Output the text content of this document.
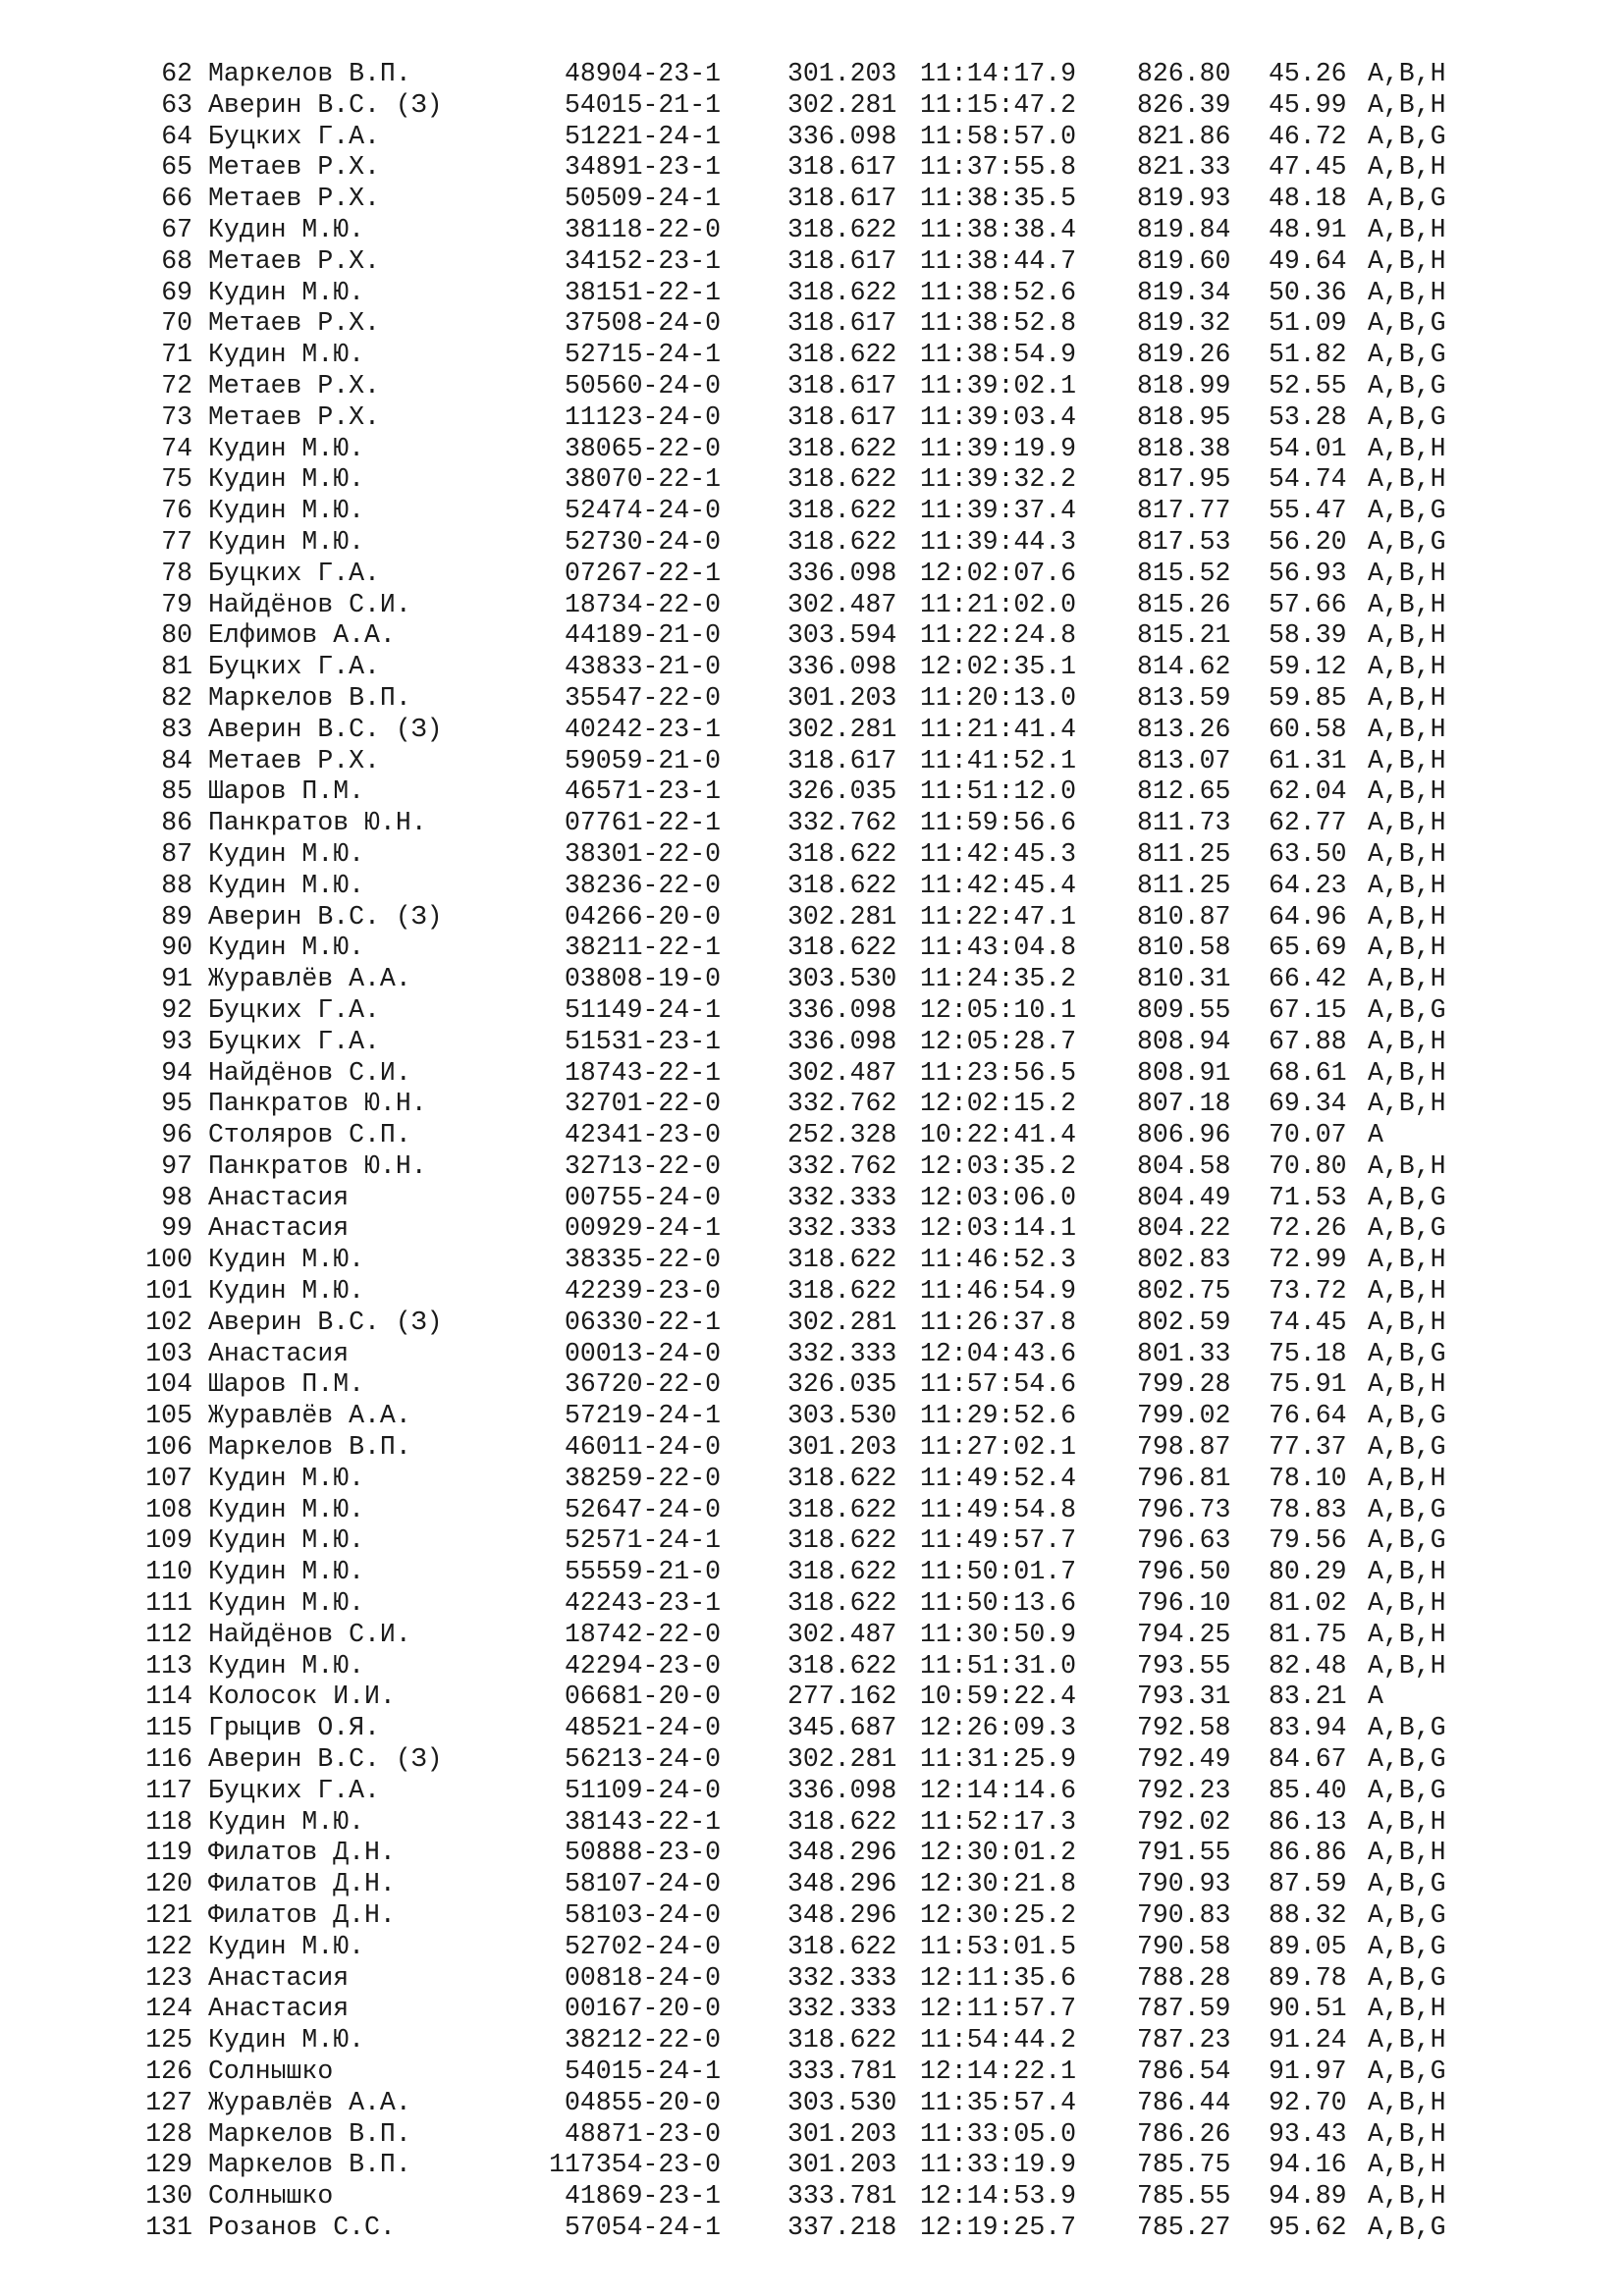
62 Маркелов В.П.	48904-23-1	301.203 11:14:17.9 826.80 45.26 A,B,H
63 Аверин В.С. (З)	54015-21-1	302.281 11:15:47.2 826.39 45.99 A,B,H
64 Буцких Г.А.	51221-24-1	336.098 11:58:57.0 821.86 46.72 A,B,G
65 Метаев Р.Х.	34891-23-1	318.617 11:37:55.8 821.33 47.45 A,B,H
66 Метаев Р.Х.	50509-24-1	318.617 11:38:35.5 819.93 48.18 A,B,G
67 Кудин М.Ю.	38118-22-0	318.622 11:38:38.4 819.84 48.91 A,B,H
68 Метаев Р.Х.	34152-23-1	318.617 11:38:44.7 819.60 49.64 A,B,H
69 Кудин М.Ю.	38151-22-1	318.622 11:38:52.6 819.34 50.36 A,B,H
70 Метаев Р.Х.	37508-24-0	318.617 11:38:52.8 819.32 51.09 A,B,G
71 Кудин М.Ю.	52715-24-1	318.622 11:38:54.9 819.26 51.82 A,B,G
72 Метаев Р.Х.	50560-24-0	318.617 11:39:02.1 818.99 52.55 A,B,G
73 Метаев Р.Х.	11123-24-0	318.617 11:39:03.4 818.95 53.28 A,B,G
74 Кудин М.Ю.	38065-22-0	318.622 11:39:19.9 818.38 54.01 A,B,H
75 Кудин М.Ю.	38070-22-1	318.622 11:39:32.2 817.95 54.74 A,B,H
76 Кудин М.Ю.	52474-24-0	318.622 11:39:37.4 817.77 55.47 A,B,G
77 Кудин М.Ю.	52730-24-0	318.622 11:39:44.3 817.53 56.20 A,B,G
78 Буцких Г.А.	07267-22-1	336.098 12:02:07.6 815.52 56.93 A,B,H
79 Найдёнов С.И.	18734-22-0	302.487 11:21:02.0 815.26 57.66 A,B,H
80 Елфимов А.А.	44189-21-0	303.594 11:22:24.8 815.21 58.39 A,B,H
81 Буцких Г.А.	43833-21-0	336.098 12:02:35.1 814.62 59.12 A,B,H
82 Маркелов В.П.	35547-22-0	301.203 11:20:13.0 813.59 59.85 A,B,H
83 Аверин В.С. (З)	40242-23-1	302.281 11:21:41.4 813.26 60.58 A,B,H
84 Метаев Р.Х.	59059-21-0	318.617 11:41:52.1 813.07 61.31 A,B,H
85 Шаров П.М.	46571-23-1	326.035 11:51:12.0 812.65 62.04 A,B,H
86 Панкратов Ю.Н.	07761-22-1	332.762 11:59:56.6 811.73 62.77 A,B,H
87 Кудин М.Ю.	38301-22-0	318.622 11:42:45.3 811.25 63.50 A,B,H
88 Кудин М.Ю.	38236-22-0	318.622 11:42:45.4 811.25 64.23 A,B,H
89 Аверин В.С. (З)	04266-20-0	302.281 11:22:47.1 810.87 64.96 A,B,H
90 Кудин М.Ю.	38211-22-1	318.622 11:43:04.8 810.58 65.69 A,B,H
91 Журавлёв А.А.	03808-19-0	303.530 11:24:35.2 810.31 66.42 A,B,H
92 Буцких Г.А.	51149-24-1	336.098 12:05:10.1 809.55 67.15 A,B,G
93 Буцких Г.А.	51531-23-1	336.098 12:05:28.7 808.94 67.88 A,B,H
94 Найдёнов С.И.	18743-22-1	302.487 11:23:56.5 808.91 68.61 A,B,H
95 Панкратов Ю.Н.	32701-22-0	332.762 12:02:15.2 807.18 69.34 A,B,H
96 Столяров С.П.	42341-23-0	252.328 10:22:41.4 806.96 70.07 A
97 Панкратов Ю.Н.	32713-22-0	332.762 12:03:35.2 804.58 70.80 A,B,H
98 Анастасия	00755-24-0	332.333 12:03:06.0 804.49 71.53 A,B,G
99 Анастасия	00929-24-1	332.333 12:03:14.1 804.22 72.26 A,B,G
100 Кудин М.Ю.	38335-22-0	318.622 11:46:52.3 802.83 72.99 A,B,H
101 Кудин М.Ю.	42239-23-0	318.622 11:46:54.9 802.75 73.72 A,B,H
102 Аверин В.С. (З)	06330-22-1	302.281 11:26:37.8 802.59 74.45 A,B,H
103 Анастасия	00013-24-0	332.333 12:04:43.6 801.33 75.18 A,B,G
104 Шаров П.М.	36720-22-0	326.035 11:57:54.6 799.28 75.91 A,B,H
105 Журавлёв А.А.	57219-24-1	303.530 11:29:52.6 799.02 76.64 A,B,G
106 Маркелов В.П.	46011-24-0	301.203 11:27:02.1 798.87 77.37 A,B,G
107 Кудин М.Ю.	38259-22-0	318.622 11:49:52.4 796.81 78.10 A,B,H
108 Кудин М.Ю.	52647-24-0	318.622 11:49:54.8 796.73 78.83 A,B,G
109 Кудин М.Ю.	52571-24-1	318.622 11:49:57.7 796.63 79.56 A,B,G
110 Кудин М.Ю.	55559-21-0	318.622 11:50:01.7 796.50 80.29 A,B,H
111 Кудин М.Ю.	42243-23-1	318.622 11:50:13.6 796.10 81.02 A,B,H
112 Найдёнов С.И.	18742-22-0	302.487 11:30:50.9 794.25 81.75 A,B,H
113 Кудин М.Ю.	42294-23-0	318.622 11:51:31.0 793.55 82.48 A,B,H
114 Колосок И.И.	06681-20-0	277.162 10:59:22.4 793.31 83.21 A
115 Грыцив О.Я.	48521-24-0	345.687 12:26:09.3 792.58 83.94 A,B,G
116 Аверин В.С. (З)	56213-24-0	302.281 11:31:25.9 792.49 84.67 A,B,G
117 Буцких Г.А.	51109-24-0	336.098 12:14:14.6 792.23 85.40 A,B,G
118 Кудин М.Ю.	38143-22-1	318.622 11:52:17.3 792.02 86.13 A,B,H
119 Филатов Д.Н.	50888-23-0	348.296 12:30:01.2 791.55 86.86 A,B,H
120 Филатов Д.Н.	58107-24-0	348.296 12:30:21.8 790.93 87.59 A,B,G
121 Филатов Д.Н.	58103-24-0	348.296 12:30:25.2 790.83 88.32 A,B,G
122 Кудин М.Ю.	52702-24-0	318.622 11:53:01.5 790.58 89.05 A,B,G
123 Анастасия	00818-24-0	332.333 12:11:35.6 788.28 89.78 A,B,G
124 Анастасия	00167-20-0	332.333 12:11:57.7 787.59 90.51 A,B,H
125 Кудин М.Ю.	38212-22-0	318.622 11:54:44.2 787.23 91.24 A,B,H
126 Солнышко	54015-24-1	333.781 12:14:22.1 786.54 91.97 A,B,G
127 Журавлёв А.А.	04855-20-0	303.530 11:35:57.4 786.44 92.70 A,B,H
128 Маркелов В.П.	48871-23-0	301.203 11:33:05.0 786.26 93.43 A,B,H
129 Маркелов В.П.	117354-23-0	301.203 11:33:19.9 785.75 94.16 A,B,H
130 Солнышко	41869-23-1	333.781 12:14:53.9 785.55 94.89 A,B,H
131 Розанов С.С.	57054-24-1	337.218 12:19:25.7 785.27 95.62 A,B,G
